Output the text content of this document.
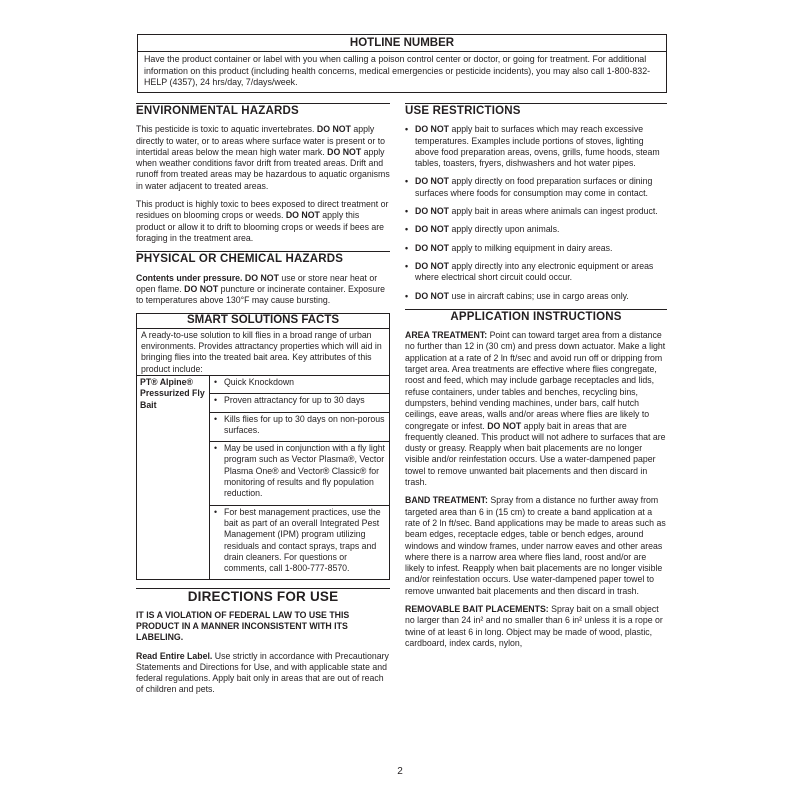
HOTLINE NUMBER
Have the product container or label with you when calling a poison control center or doctor, or going for treatment. For additional information on this product (including health concerns, medical emergencies or pesticide incidents), you may also call 1-800-832-HELP (4357), 24 hrs/day, 7/days/week.
ENVIRONMENTAL HAZARDS
This pesticide is toxic to aquatic invertebrates. DO NOT apply directly to water, or to areas where surface water is present or to intertidal areas below the mean high water mark. DO NOT apply when weather conditions favor drift from treated areas. Drift and runoff from treated areas may be hazardous to aquatic organisms in water adjacent to treated areas.
This product is highly toxic to bees exposed to direct treatment or residues on blooming crops or weeds. DO NOT apply this product or allow it to drift to blooming crops or weeds if bees are foraging in the treatment area.
PHYSICAL OR CHEMICAL HAZARDS
Contents under pressure. DO NOT use or store near heat or open flame. DO NOT puncture or incinerate container. Exposure to temperatures above 130°F may cause bursting.
SMART SOLUTIONS FACTS
A ready-to-use solution to kill flies in a broad range of urban environments. Provides attractancy properties which will aid in bringing flies into the treated bait area. Key attributes of this product include:
PT® Alpine® Pressurized Fly Bait
• Quick Knockdown
• Proven attractancy for up to 30 days
• Kills flies for up to 30 days on non-porous surfaces.
• May be used in conjunction with a fly light program such as Vector Plasma®, Vector Plasma One® and Vector® Classic® for monitoring of results and fly population reduction.
• For best management practices, use the bait as part of an overall Integrated Pest Management (IPM) program utilizing residuals and contact sprays, traps and drain cleaners. For questions or comments, call 1-800-777-8570.
DIRECTIONS FOR USE
IT IS A VIOLATION OF FEDERAL LAW TO USE THIS PRODUCT IN A MANNER INCONSISTENT WITH ITS LABELING.
Read Entire Label. Use strictly in accordance with Precautionary Statements and Directions for Use, and with applicable state and federal regulations. Apply bait only in areas that are out of reach of children and pets.
USE RESTRICTIONS
• DO NOT apply bait to surfaces which may reach excessive temperatures. Examples include portions of stoves, lighting above food preparation areas, ovens, grills, fume hoods, steam tables, toasters, fryers, dishwashers and hot water pipes.
• DO NOT apply directly on food preparation surfaces or dining surfaces where foods for consumption may come in contact.
• DO NOT apply bait in areas where animals can ingest product.
• DO NOT apply directly upon animals.
• DO NOT apply to milking equipment in dairy areas.
• DO NOT apply directly into any electronic equipment or areas where electrical short circuit could occur.
• DO NOT use in aircraft cabins; use in cargo areas only.
APPLICATION INSTRUCTIONS
AREA TREATMENT: Point can toward target area from a distance no further than 12 in (30 cm) and press down actuator. Make a light application at a rate of 2 ln ft/sec and avoid run off or dripping from target area. Area treatments are effective where flies congregate, roost and feed, which may include garbage receptacles and lids, refuse containers, under tables and benches, recycling bins, dumpsters, behind vending machines, under bars, calf hutch ceilings, eave areas, walls and/or areas where flies are likely to congregate or infest. DO NOT apply bait in areas that are frequently cleaned. This product will not adhere to surfaces that are dusty or greasy. Reapply when bait placements are no longer visible and/or reinfestation occurs. Use a water-dampened paper towel to remove unwanted bait placements and then discard in trash.
BAND TREATMENT: Spray from a distance no further away from targeted area than 6 in (15 cm) to create a band application at a rate of 2 ln ft/sec. Band applications may be made to areas such as beam edges, receptacle edges, table or bench edges, around windows and window frames, under narrow eaves and other areas where there is a narrow area where flies land, roost and/or are likely to infest. Reapply when bait placements are no longer visible and/or reinfestation occurs. Use water-dampened paper towel to remove unwanted bait placements and then discard in trash.
REMOVABLE BAIT PLACEMENTS: Spray bait on a small object no larger than 24 in² and no smaller than 6 in² unless it is a rope or twine of at least 6 in long. Object may be made of wood, plastic, cardboard, index cards, nylon,
2
